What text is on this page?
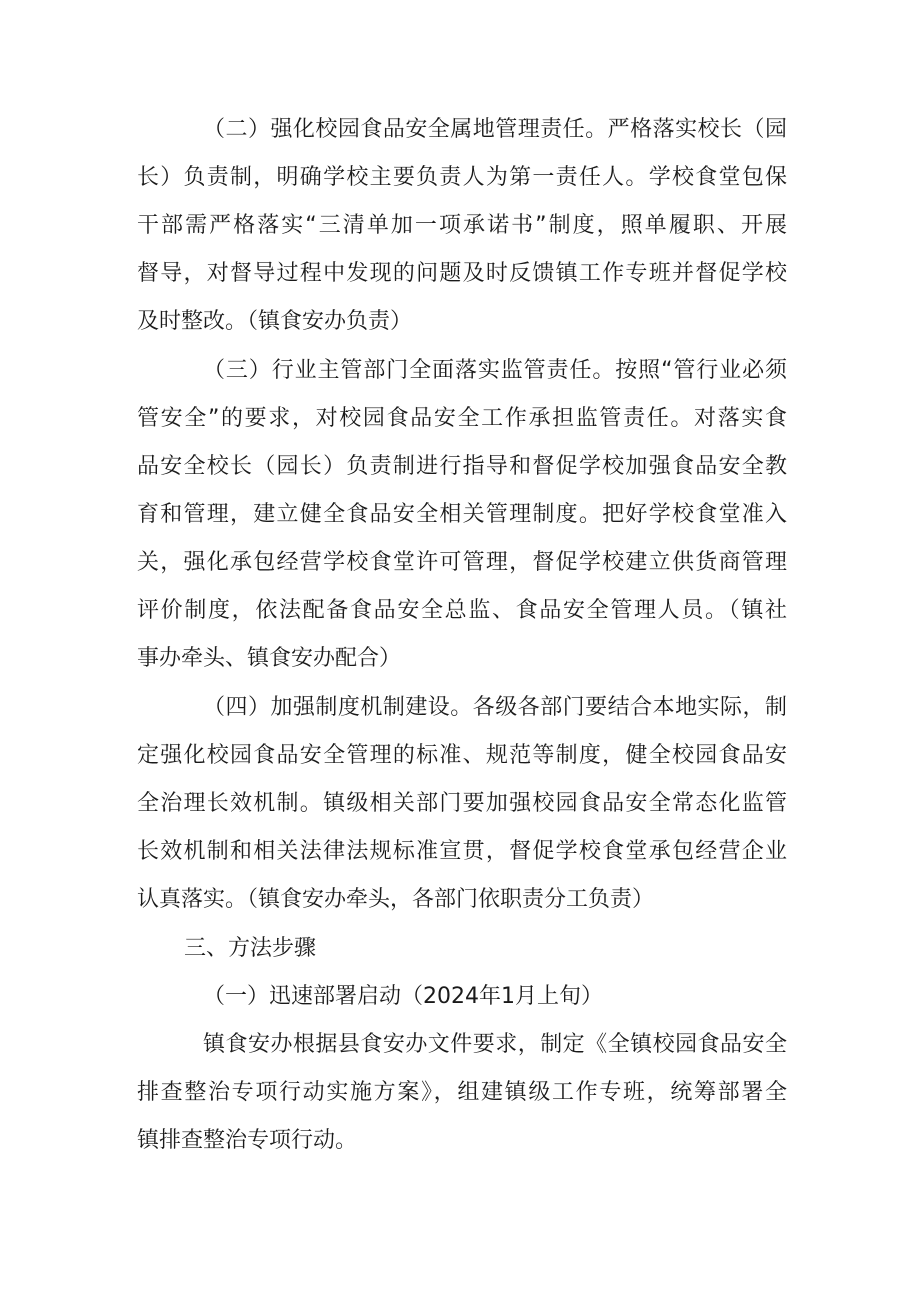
（二）强化校园食品安全属地管理责任。严格落实校长（园
长）负责制，明确学校主要负责人为第一责任人。学校食堂包保
干部需严格落实“三清单加一项承诺书”制度，照单履职、开展
督导，对督导过程中发现的问题及时反馈镇工作专班并督促学校
及时整改。（镇食安办负责）
（三）行业主管部门全面落实监管责任。按照“管行业必须
管安全”的要求，对校园食品安全工作承担监管责任。对落实食
品安全校长（园长）负责制进行指导和督促学校加强食品安全教
育和管理，建立健全食品安全相关管理制度。把好学校食堂准入
关，强化承包经营学校食堂许可管理，督促学校建立供货商管理
评价制度，依法配备食品安全总监、食品安全管理人员。（镇社
事办牵头、镇食安办配合）
（四）加强制度机制建设。各级各部门要结合本地实际，制
定强化校园食品安全管理的标准、规范等制度，健全校园食品安
全治理长效机制。镇级相关部门要加强校园食品安全常态化监管
长效机制和相关法律法规标准宣贯，督促学校食堂承包经营企业
认真落实。（镇食安办牵头，各部门依职责分工负责）
三、方法步骤
（一）迅速部署启动（2024年1月上旬）
镇食安办根据县食安办文件要求，制定《全镇校园食品安全
排查整治专项行动实施方案》，组建镇级工作专班，统筹部署全
镇排查整治专项行动。
